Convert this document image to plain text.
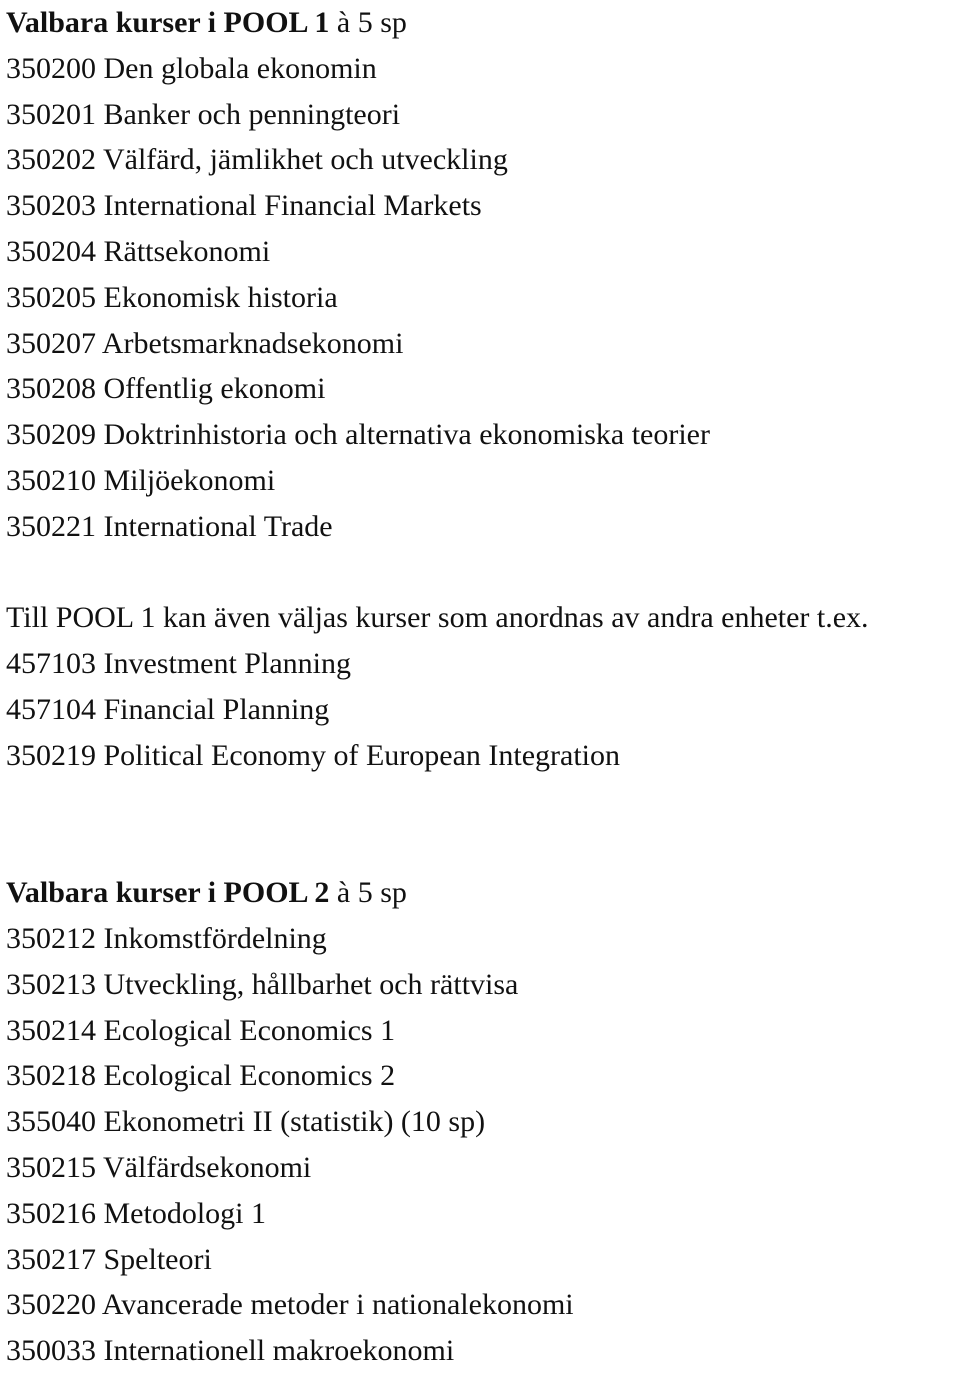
Valbara kurser i POOL 1 à 5 sp

350200 Den globala ekonomin

350201 Banker och penningteori

350202 Välfärd, jämlikhet och utveckling

350203 International Financial Markets

350204 Rättsekonomi

350205 Ekonomisk historia

350207 Arbetsmarknadsekonomi

350208 Offentlig ekonomi

350209 Doktrinhistoria och alternativa ekonomiska teorier

350210 Miljöekonomi

350221 International Trade

Till POOL 1 kan även väljas kurser som anordnas av andra enheter t.ex.

457103 Investment Planning

457104 Financial Planning

350219 Political Economy of European Integration

Valbara kurser i POOL 2 à 5 sp

350212 Inkomstfördelning

350213 Utveckling, hållbarhet och rättvisa

350214 Ecological Economics 1

350218 Ecological Economics 2

355040 Ekonometri II (statistik) (10 sp)

350215 Välfärdsekonomi

350216 Metodologi 1

350217 Spelteori

350220 Avancerade metoder i nationalekonomi

350033 Internationell makroekonomi
